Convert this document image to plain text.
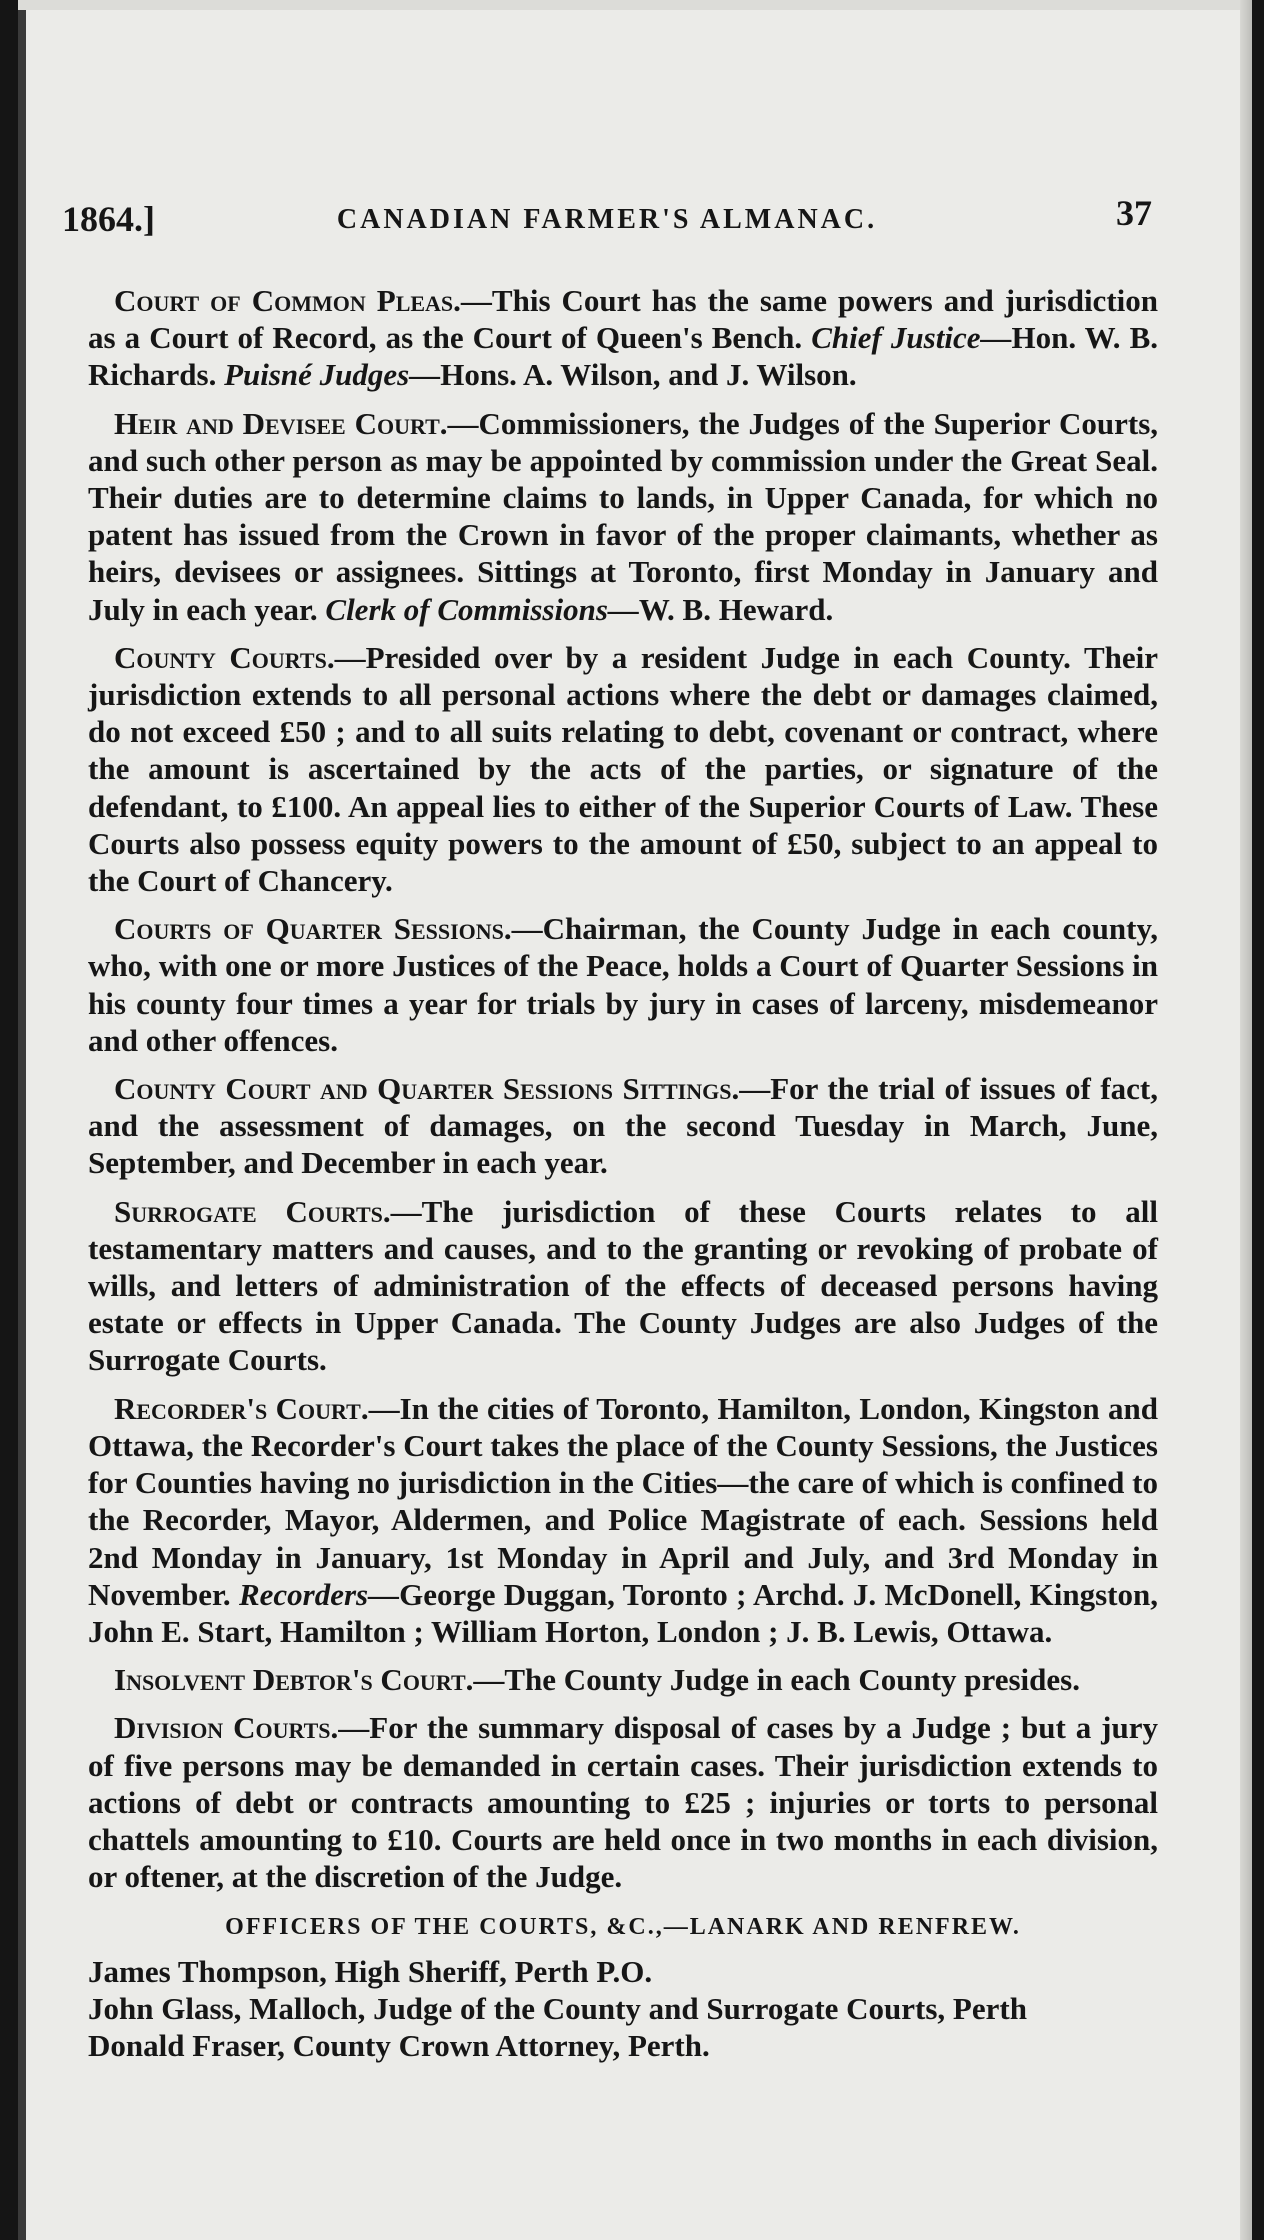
1864.]	CANADIAN FARMER'S ALMANAC.	37

Court of Common Pleas.—This Court has the same powers and jurisdiction as a Court of Record, as the Court of Queen's Bench. Chief Justice—Hon. W. B. Richards. Puisné Judges—Hons. A. Wilson, and J. Wilson.

Heir and Devisee Court.—Commissioners, the Judges of the Superior Courts, and such other person as may be appointed by commission under the Great Seal. Their duties are to determine claims to lands, in Upper Canada, for which no patent has issued from the Crown in favor of the proper claimants, whether as heirs, devisees or assignees. Sittings at Toronto, first Monday in January and July in each year. Clerk of Commissions—W. B. Heward.

County Courts.—Presided over by a resident Judge in each County. Their jurisdiction extends to all personal actions where the debt or damages claimed, do not exceed £50 ; and to all suits relating to debt, covenant or contract, where the amount is ascertained by the acts of the parties, or signature of the defendant, to £100. An appeal lies to either of the Superior Courts of Law. These Courts also possess equity powers to the amount of £50, subject to an appeal to the Court of Chancery.

Courts of Quarter Sessions.—Chairman, the County Judge in each county, who, with one or more Justices of the Peace, holds a Court of Quarter Sessions in his county four times a year for trials by jury in cases of larceny, misdemeanor and other offences.

County Court and Quarter Sessions Sittings.—For the trial of issues of fact, and the assessment of damages, on the second Tuesday in March, June, September, and December in each year.

Surrogate Courts.—The jurisdiction of these Courts relates to all testamentary matters and causes, and to the granting or revoking of probate of wills, and letters of administration of the effects of deceased persons having estate or effects in Upper Canada. The County Judges are also Judges of the Surrogate Courts.

Recorder's Court.—In the cities of Toronto, Hamilton, London, Kingston and Ottawa, the Recorder's Court takes the place of the County Sessions, the Justices for Counties having no jurisdiction in the Cities—the care of which is confined to the Recorder, Mayor, Aldermen, and Police Magistrate of each. Sessions held 2nd Monday in January, 1st Monday in April and July, and 3rd Monday in November. Recorders—George Duggan, Toronto ; Archd. J. McDonell, Kingston, John E. Start, Hamilton ; William Horton, London ; J. B. Lewis, Ottawa.

Insolvent Debtor's Court.—The County Judge in each County presides.

Division Courts.—For the summary disposal of cases by a Judge ; but a jury of five persons may be demanded in certain cases. Their jurisdiction extends to actions of debt or contracts amounting to £25 ; injuries or torts to personal chattels amounting to £10. Courts are held once in two months in each division, or oftener, at the discretion of the Judge.

OFFICERS OF THE COURTS, &C.,—LANARK AND RENFREW.

James Thompson, High Sheriff, Perth P.O.

John Glass, Malloch, Judge of the County and Surrogate Courts, Perth

Donald Fraser, County Crown Attorney, Perth.
